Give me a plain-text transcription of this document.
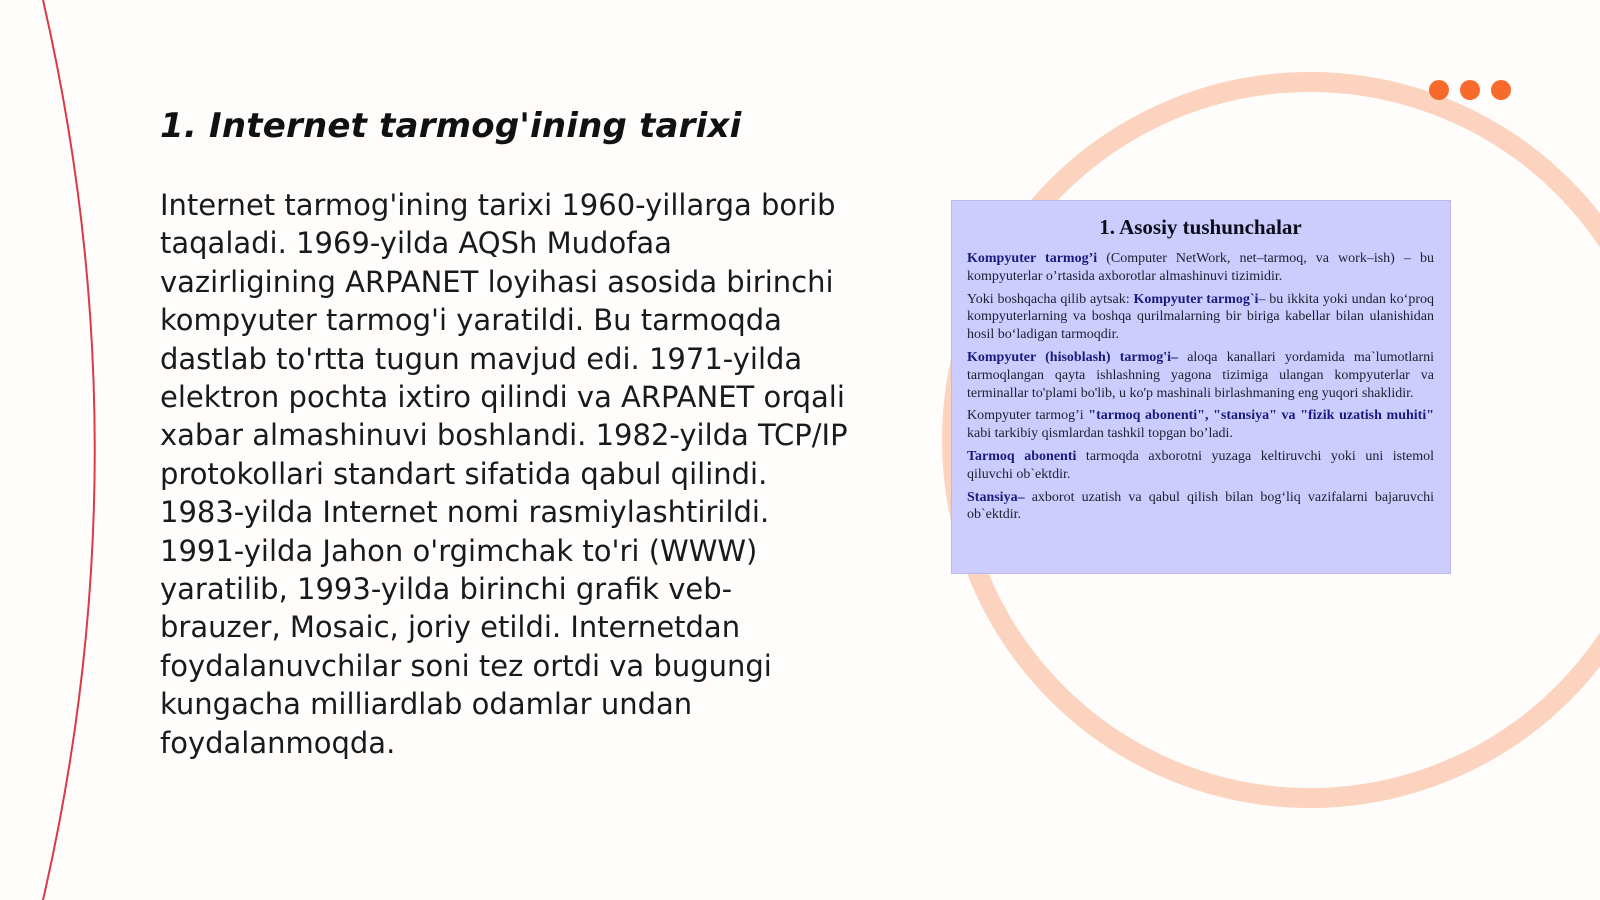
1. Internet tarmog'ining tarixi

Internet tarmog'ining tarixi 1960-yillarga borib taqaladi. 1969-yilda AQSh Mudofaa vazirligining ARPANET loyihasi asosida birinchi kompyuter tarmog'i yaratildi. Bu tarmoqda dastlab to'rtta tugun mavjud edi. 1971-yilda elektron pochta ixtiro qilindi va ARPANET orqali xabar almashinuvi boshlandi. 1982-yilda TCP/IP protokollari standart sifatida qabul qilindi. 1983-yilda Internet nomi rasmiylashtirildi. 1991-yilda Jahon o'rgimchak to'ri (WWW) yaratilib, 1993-yilda birinchi grafik veb-brauzer, Mosaic, joriy etildi. Internetdan foydalanuvchilar soni tez ortdi va bugungi kungacha milliardlab odamlar undan foydalanmoqda.

1. Asosiy tushunchalar

Kompyuter tarmog’i (Computer NetWork, net–tarmoq, va work–ish) – bu kompyuterlar o’rtasida axborotlar almashinuvi tizimidir.

Yoki boshqacha qilib aytsak: Kompyuter tarmog`i– bu ikkita yoki undan ko‘proq kompyuterlarning va boshqa qurilmalarning bir biriga kabellar bilan ulanishidan hosil bo‘ladigan tarmoqdir.

Kompyuter (hisoblash) tarmog'i– aloqa kanallari yordamida ma`lumotlarni tarmoqlangan qayta ishlashning yagona tizimiga ulangan kompyuterlar va terminallar to'plami bo'lib, u ko'p mashinali birlashmaning eng yuqori shaklidir.

Kompyuter tarmog’i "tarmoq abonenti", "stansiya" va "fizik uzatish muhiti" kabi tarkibiy qismlardan tashkil topgan bo’ladi.

Tarmoq abonenti tarmoqda axborotni yuzaga keltiruvchi yoki uni istemol qiluvchi ob`ektdir.

Stansiya– axborot uzatish va qabul qilish bilan bog‘liq vazifalarni bajaruvchi ob`ektdir.
